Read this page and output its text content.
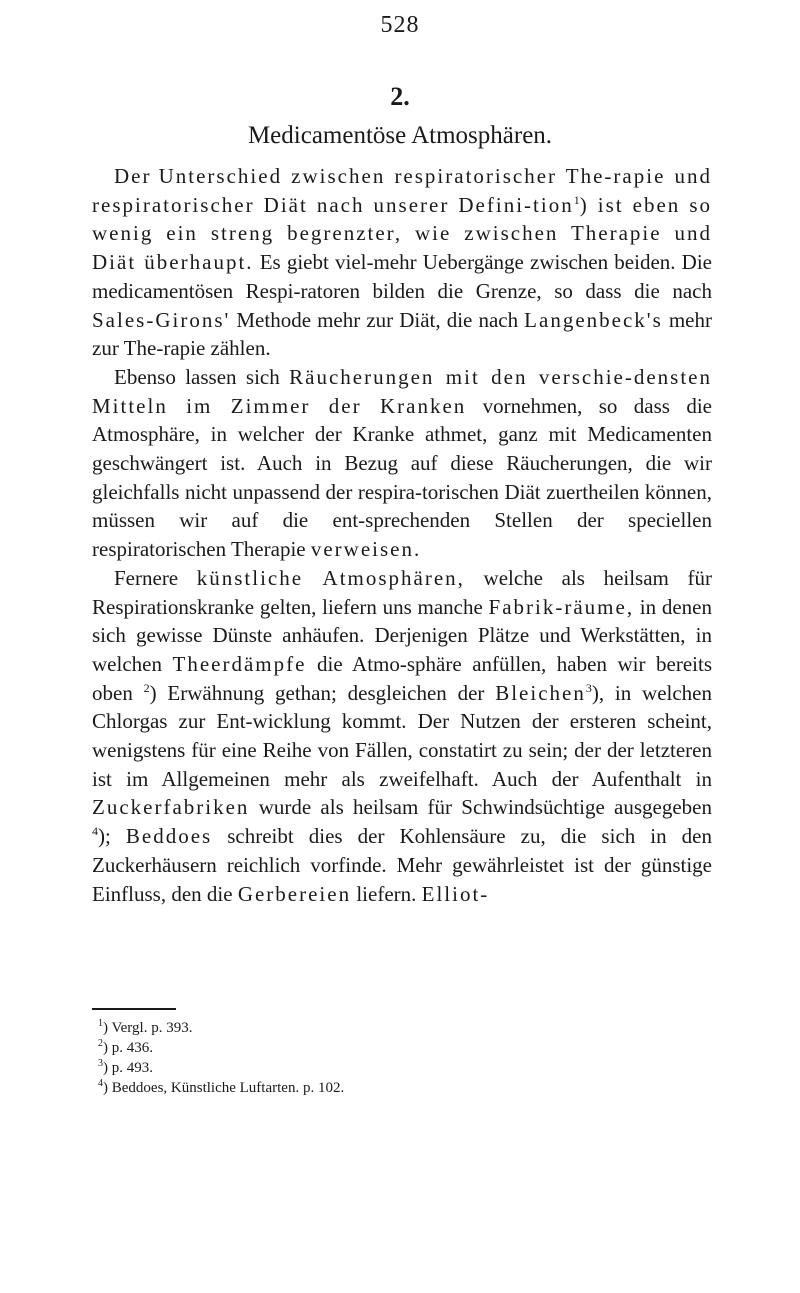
528
2.
Medicamentöse Atmosphären.

Der Unterschied zwischen respiratorischer The-rapie und respiratorischer Diät nach unserer Defini-tion$^1$) ist eben so wenig ein streng begrenzter, wie zwischen Therapie und Diät überhaupt. Es giebt viel-mehr Uebergänge zwischen beiden. Die medicamentösen Respi-ratoren bilden die Grenze, so dass die nach Sales-Girons' Methode mehr zur Diät, die nach Langenbeck's mehr zur The-rapie zählen.

Ebenso lassen sich Räucherungen mit den verschie-densten Mitteln im Zimmer der Kranken vornehmen, so dass die Atmosphäre, in welcher der Kranke athmet, ganz mit Medicamenten geschwängert ist. Auch in Bezug auf diese Räucherungen, die wir gleichfalls nicht unpassend der respira-torischen Diät zuertheilen können, müssen wir auf die ent-sprechenden Stellen der speciellen respiratorischen Therapie verweisen.

Fernere künstliche Atmosphären, welche als heilsam für Respirationskranke gelten, liefern uns manche Fabrik-räume, in denen sich gewisse Dünste anhäufen. Derjenigen Plätze und Werkstätten, in welchen Theerdämpfe die Atmo-sphäre anfüllen, haben wir bereits oben $^2$) Erwähnung gethan; desgleichen der Bleichen$^3$), in welchen Chlorgas zur Ent-wicklung kommt. Der Nutzen der ersteren scheint, wenigstens für eine Reihe von Fällen, constatirt zu sein; der der letzteren ist im Allgemeinen mehr als zweifelhaft. Auch der Aufenthalt in Zuckerfabriken wurde als heilsam für Schwindsüchtige ausgegeben $^4$); Beddoes schreibt dies der Kohlensäure zu, die sich in den Zuckerhäusern reichlich vorfinde. Mehr gewährleistet ist der günstige Einfluss, den die Gerbereien liefern. Elliot-

$^1$) Vergl. p. 393.
$^2$) p. 436.
$^3$) p. 493.
$^4$) Beddoes, Künstliche Luftarten. p. 102.
